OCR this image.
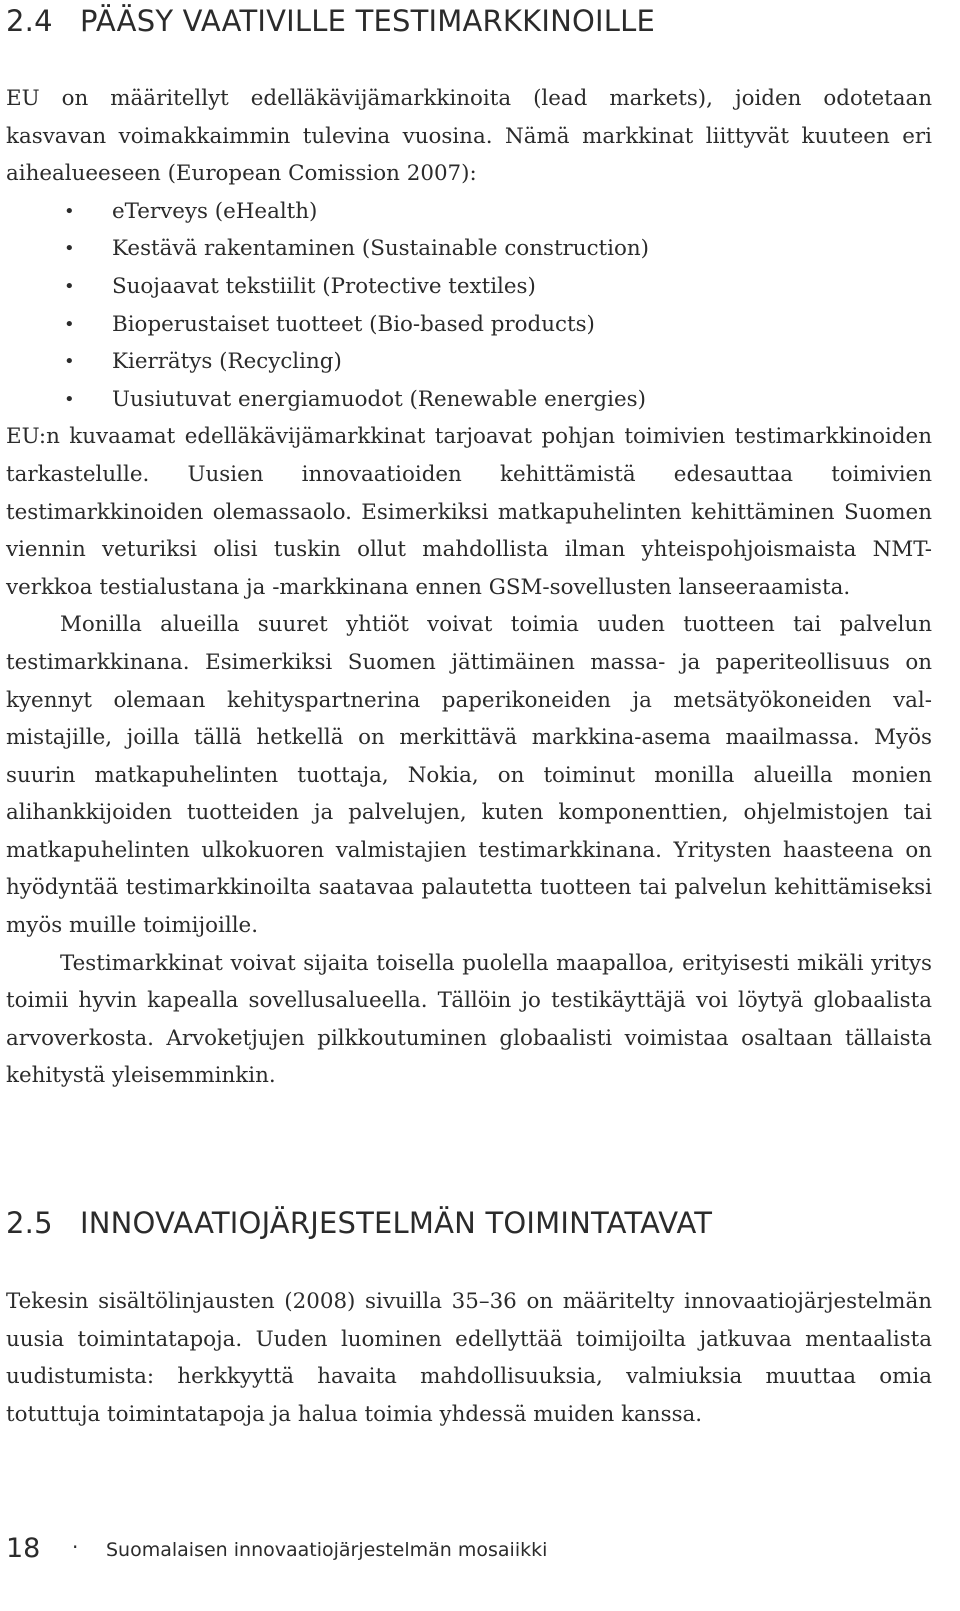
2.4 PÄÄSY VAATIVILLE TESTIMARKKINOILLE

EU on määritellyt edelläkävijämarkkinoita (lead markets), joiden odotetaan kasvavan voimakkaimmin tulevina vuosina. Nämä markkinat liittyvät kuuteen eri aihealueeseen (European Comission 2007):

• eTerveys (eHealth)
• Kestävä rakentaminen (Sustainable construction)
• Suojaavat tekstiilit (Protective textiles)
• Bioperustaiset tuotteet (Bio-based products)
• Kierrätys (Recycling)
• Uusiutuvat energiamuodot (Renewable energies)

EU:n kuvaamat edelläkävijämarkkinat tarjoavat pohjan toimivien testimarkkinoiden tarkastelulle. Uusien innovaatioiden kehittämistä edesauttaa toimivien testimarkkinoiden olemassaolo. Esimerkiksi matkapuhelinten kehittäminen Suomen viennin veturiksi olisi tuskin ollut mahdollista ilman yhteispohjoismaista NMT-verkkoa testialustana ja -markkinana ennen GSM-sovellusten lanseeraamista.

Monilla alueilla suuret yhtiöt voivat toimia uuden tuotteen tai palvelun testimarkkinana. Esimerkiksi Suomen jättimäinen massa- ja paperiteollisuus on kyennyt olemaan kehityspartnerina paperikoneiden ja metsätyökoneiden valmistajille, joilla tällä hetkellä on merkittävä markkina-asema maailmassa. Myös suurin matkapuhelinten tuottaja, Nokia, on toiminut monilla alueilla monien alihankkijoiden tuotteiden ja palvelujen, kuten komponenttien, ohjelmistojen tai matkapuhelinten ulkokuoren valmistajien testimarkkinana. Yritysten haasteena on hyödyntää testimarkkinoilta saatavaa palautetta tuotteen tai palvelun kehittämiseksi myös muille toimijoille.

Testimarkkinat voivat sijaita toisella puolella maapalloa, erityisesti mikäli yritys toimii hyvin kapealla sovellusalueella. Tällöin jo testikäyttäjä voi löytyä globaalista arvoverkosta. Arvoketjujen pilkkoutuminen globaalisti voimistaa osaltaan tällaista kehitystä yleisemminkin.

2.5 INNOVAATIOJÄRJESTELMÄN TOIMINTATAVAT

Tekesin sisältölinjausten (2008) sivuilla 35–36 on määritelty innovaatiojärjestelmän uusia toimintatapoja. Uuden luominen edellyttää toimijoilta jatkuvaa mentaalista uudistumista: herkkyyttä havaita mahdollisuuksia, valmiuksia muuttaa omia totuttuja toimintatapoja ja halua toimia yhdessä muiden kanssa.

18 · Suomalaisen innovaatiojärjestelmän mosaiikki
